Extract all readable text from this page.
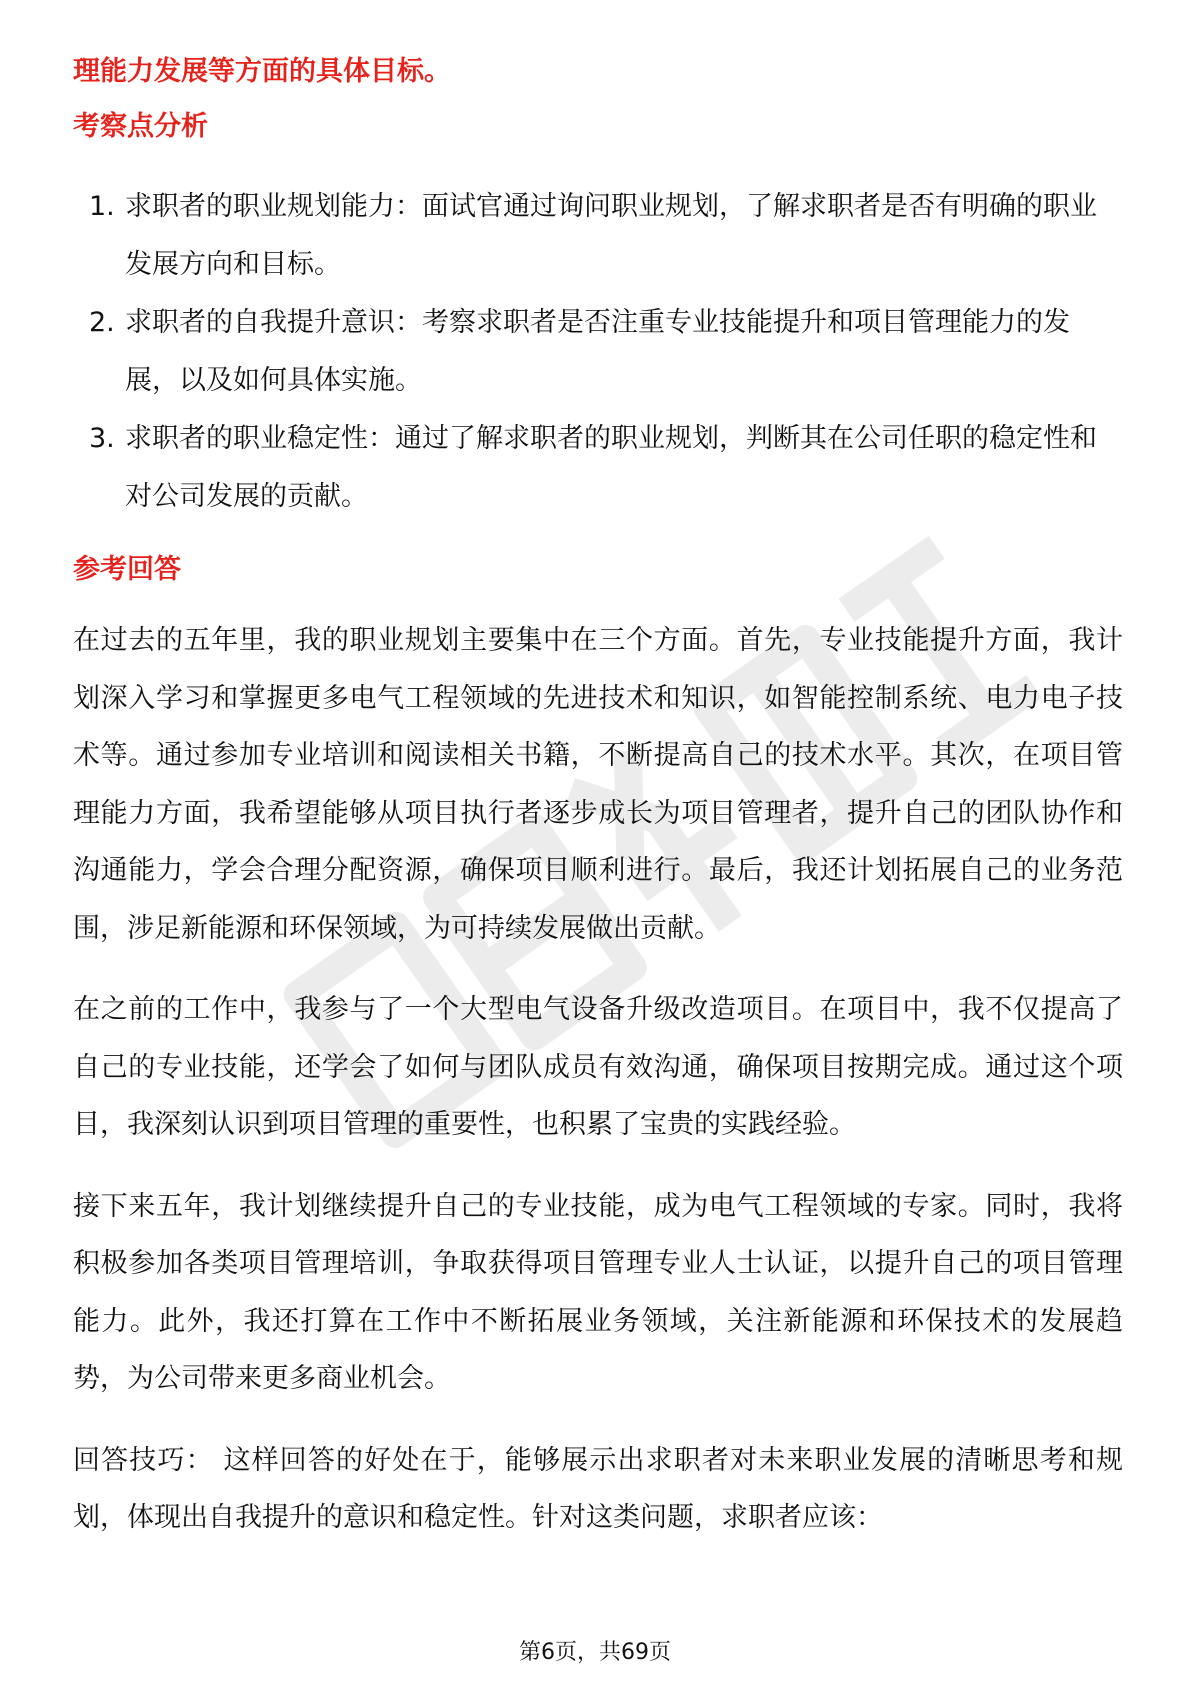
理能力发展等方面的具体目标。

考察点分析

1. 求职者的职业规划能力：面试官通过询问职业规划，了解求职者是否有明确的职业发展方向和目标。
2. 求职者的自我提升意识：考察求职者是否注重专业技能提升和项目管理能力的发展，以及如何具体实施。
3. 求职者的职业稳定性：通过了解求职者的职业规划，判断其在公司任职的稳定性和对公司发展的贡献。

参考回答

在过去的五年里，我的职业规划主要集中在三个方面。首先，专业技能提升方面，我计划深入学习和掌握更多电气工程领域的先进技术和知识，如智能控制系统、电力电子技术等。通过参加专业培训和阅读相关书籍，不断提高自己的技术水平。其次，在项目管理能力方面，我希望能够从项目执行者逐步成长为项目管理者，提升自己的团队协作和沟通能力，学会合理分配资源，确保项目顺利进行。最后，我还计划拓展自己的业务范围，涉足新能源和环保领域，为可持续发展做出贡献。

在之前的工作中，我参与了一个大型电气设备升级改造项目。在项目中，我不仅提高了自己的专业技能，还学会了如何与团队成员有效沟通，确保项目按期完成。通过这个项目，我深刻认识到项目管理的重要性，也积累了宝贵的实践经验。

接下来五年，我计划继续提升自己的专业技能，成为电气工程领域的专家。同时，我将积极参加各类项目管理培训，争取获得项目管理专业人士认证，以提升自己的项目管理能力。此外，我还打算在工作中不断拓展业务领域，关注新能源和环保技术的发展趋势，为公司带来更多商业机会。

回答技巧： 这样回答的好处在于，能够展示出求职者对未来职业发展的清晰思考和规划，体现出自我提升的意识和稳定性。针对这类问题，求职者应该：

第6页，共69页
